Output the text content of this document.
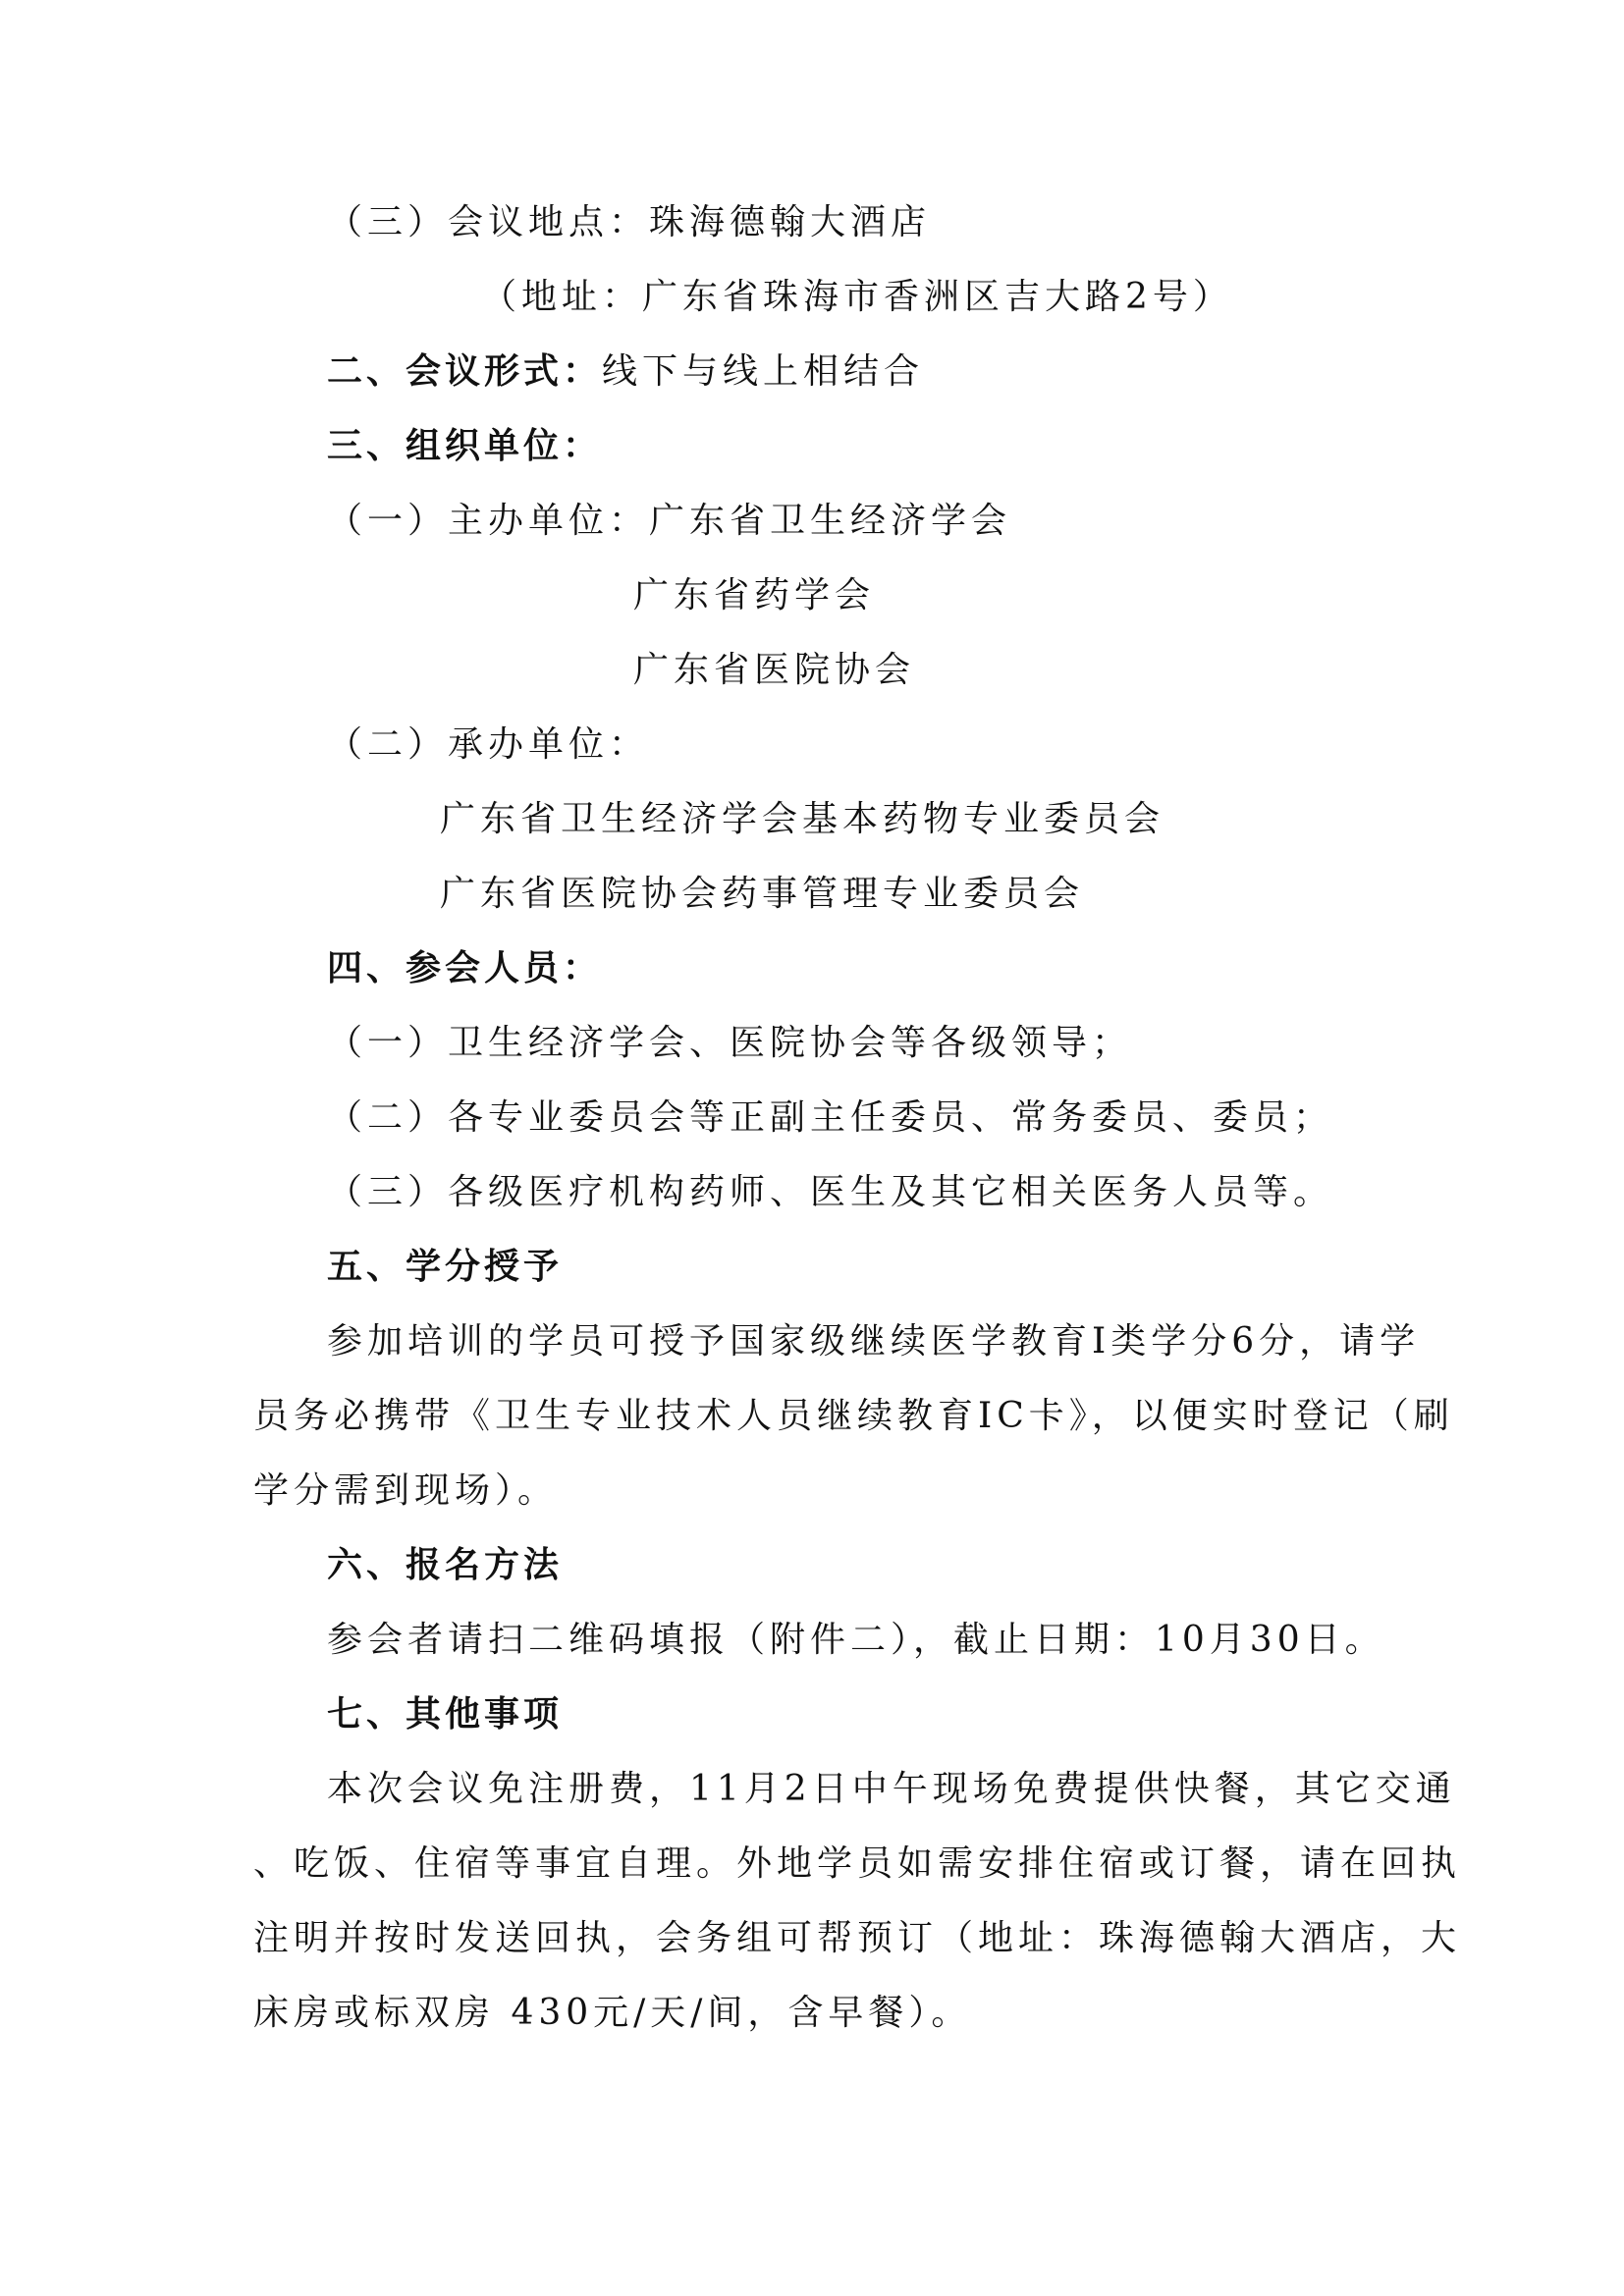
（三）会议地点：珠海德翰大酒店
（地址：广东省珠海市香洲区吉大路2号）
二、会议形式：线下与线上相结合
三、组织单位：
（一）主办单位：广东省卫生经济学会
广东省药学会
广东省医院协会
（二）承办单位：
广东省卫生经济学会基本药物专业委员会
广东省医院协会药事管理专业委员会
四、参会人员：
（一）卫生经济学会、医院协会等各级领导；
（二）各专业委员会等正副主任委员、常务委员、委员；
（三）各级医疗机构药师、医生及其它相关医务人员等。
五、学分授予
参加培训的学员可授予国家级继续医学教育Ⅰ类学分6分，请学
员务必携带《卫生专业技术人员继续教育IC卡》，以便实时登记（刷
学分需到现场）。
六、报名方法
参会者请扫二维码填报（附件二），截止日期：10月30日。
七、其他事项
本次会议免注册费，11月2日中午现场免费提供快餐，其它交通
、吃饭、住宿等事宜自理。外地学员如需安排住宿或订餐，请在回执
注明并按时发送回执，会务组可帮预订（地址：珠海德翰大酒店，大
床房或标双房 430元/天/间，含早餐）。
